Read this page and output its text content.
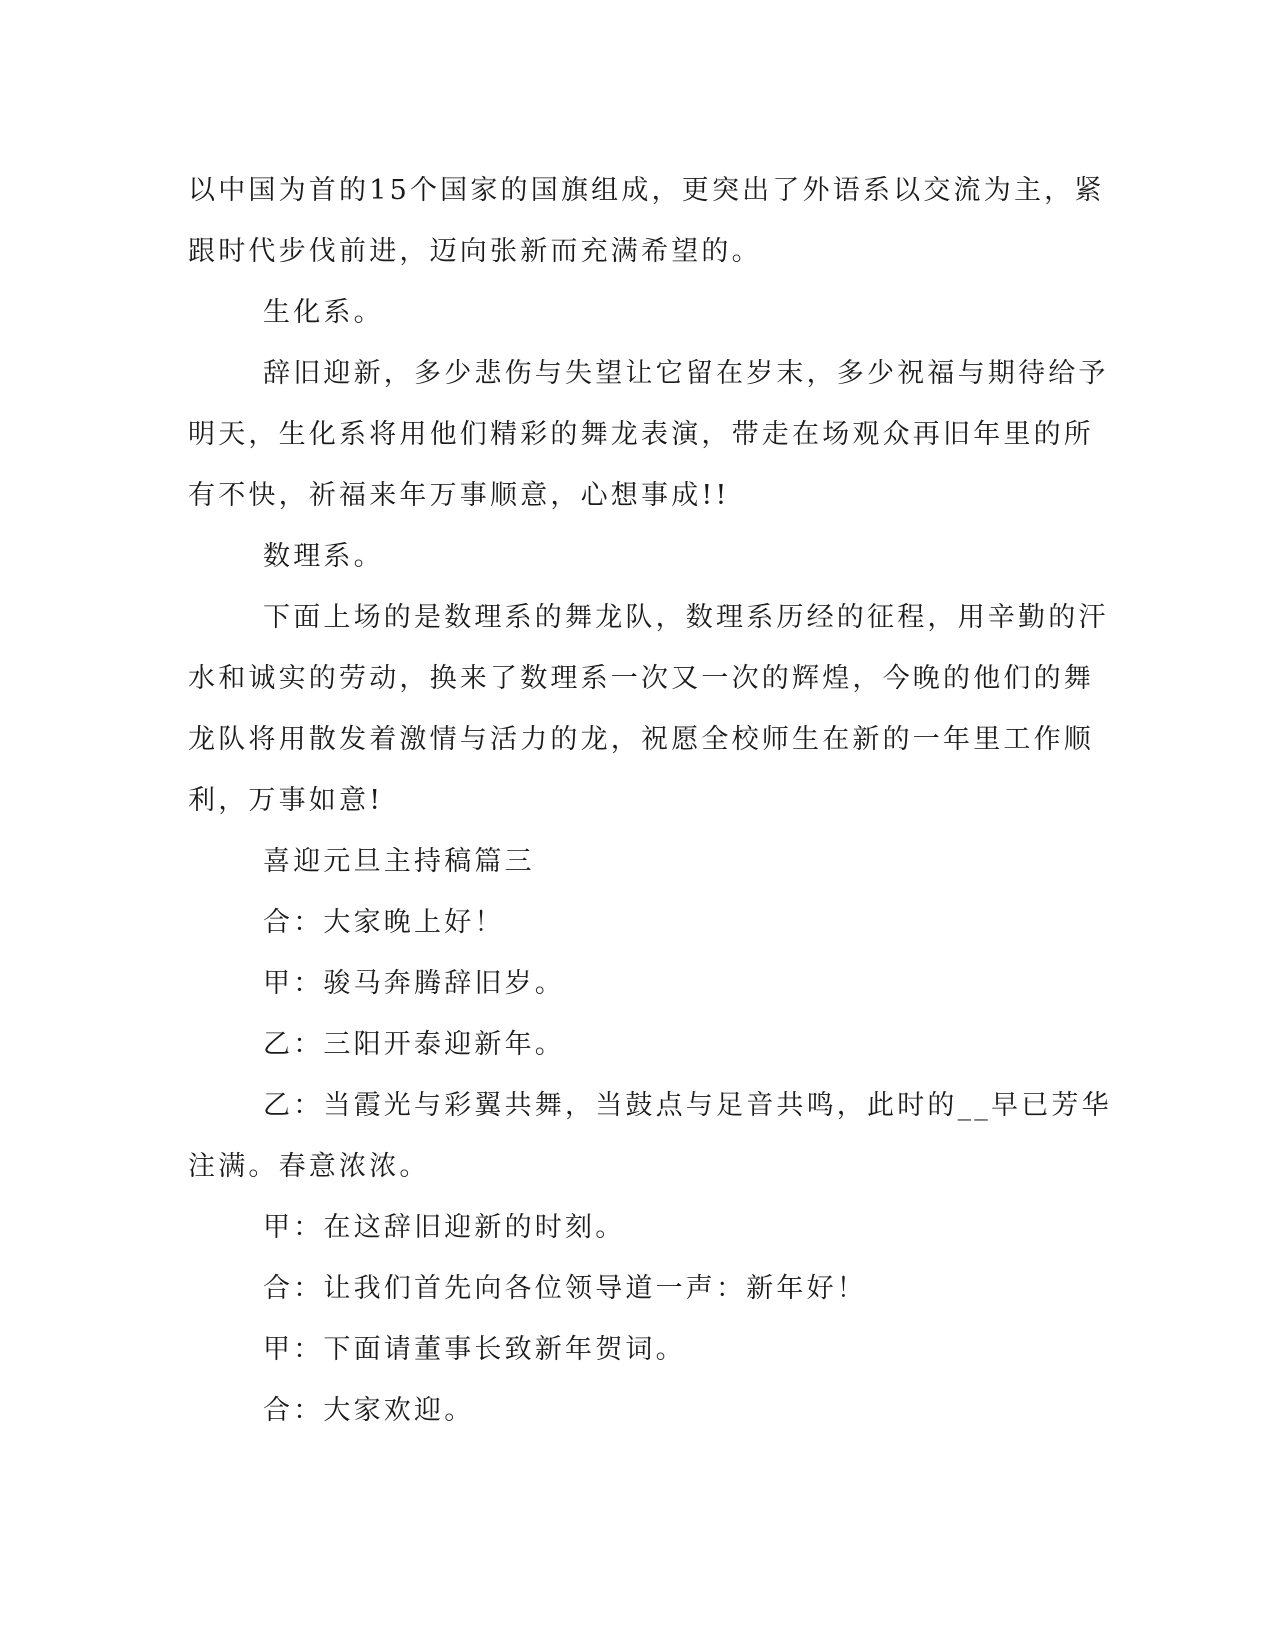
以中国为首的15个国家的国旗组成，更突出了外语系以交流为主，紧
跟时代步伐前进，迈向张新而充满希望的。
生化系。
辞旧迎新，多少悲伤与失望让它留在岁末，多少祝福与期待给予
明天，生化系将用他们精彩的舞龙表演，带走在场观众再旧年里的所
有不快，祈福来年万事顺意，心想事成!!
数理系。
下面上场的是数理系的舞龙队，数理系历经的征程，用辛勤的汗
水和诚实的劳动，换来了数理系一次又一次的辉煌，今晚的他们的舞
龙队将用散发着激情与活力的龙，祝愿全校师生在新的一年里工作顺
利，万事如意!
喜迎元旦主持稿篇三
合：大家晚上好！
甲：骏马奔腾辞旧岁。
乙：三阳开泰迎新年。
乙：当霞光与彩翼共舞，当鼓点与足音共鸣，此时的__早已芳华
注满。春意浓浓。
甲：在这辞旧迎新的时刻。
合：让我们首先向各位领导道一声：新年好！
甲：下面请董事长致新年贺词。
合：大家欢迎。
